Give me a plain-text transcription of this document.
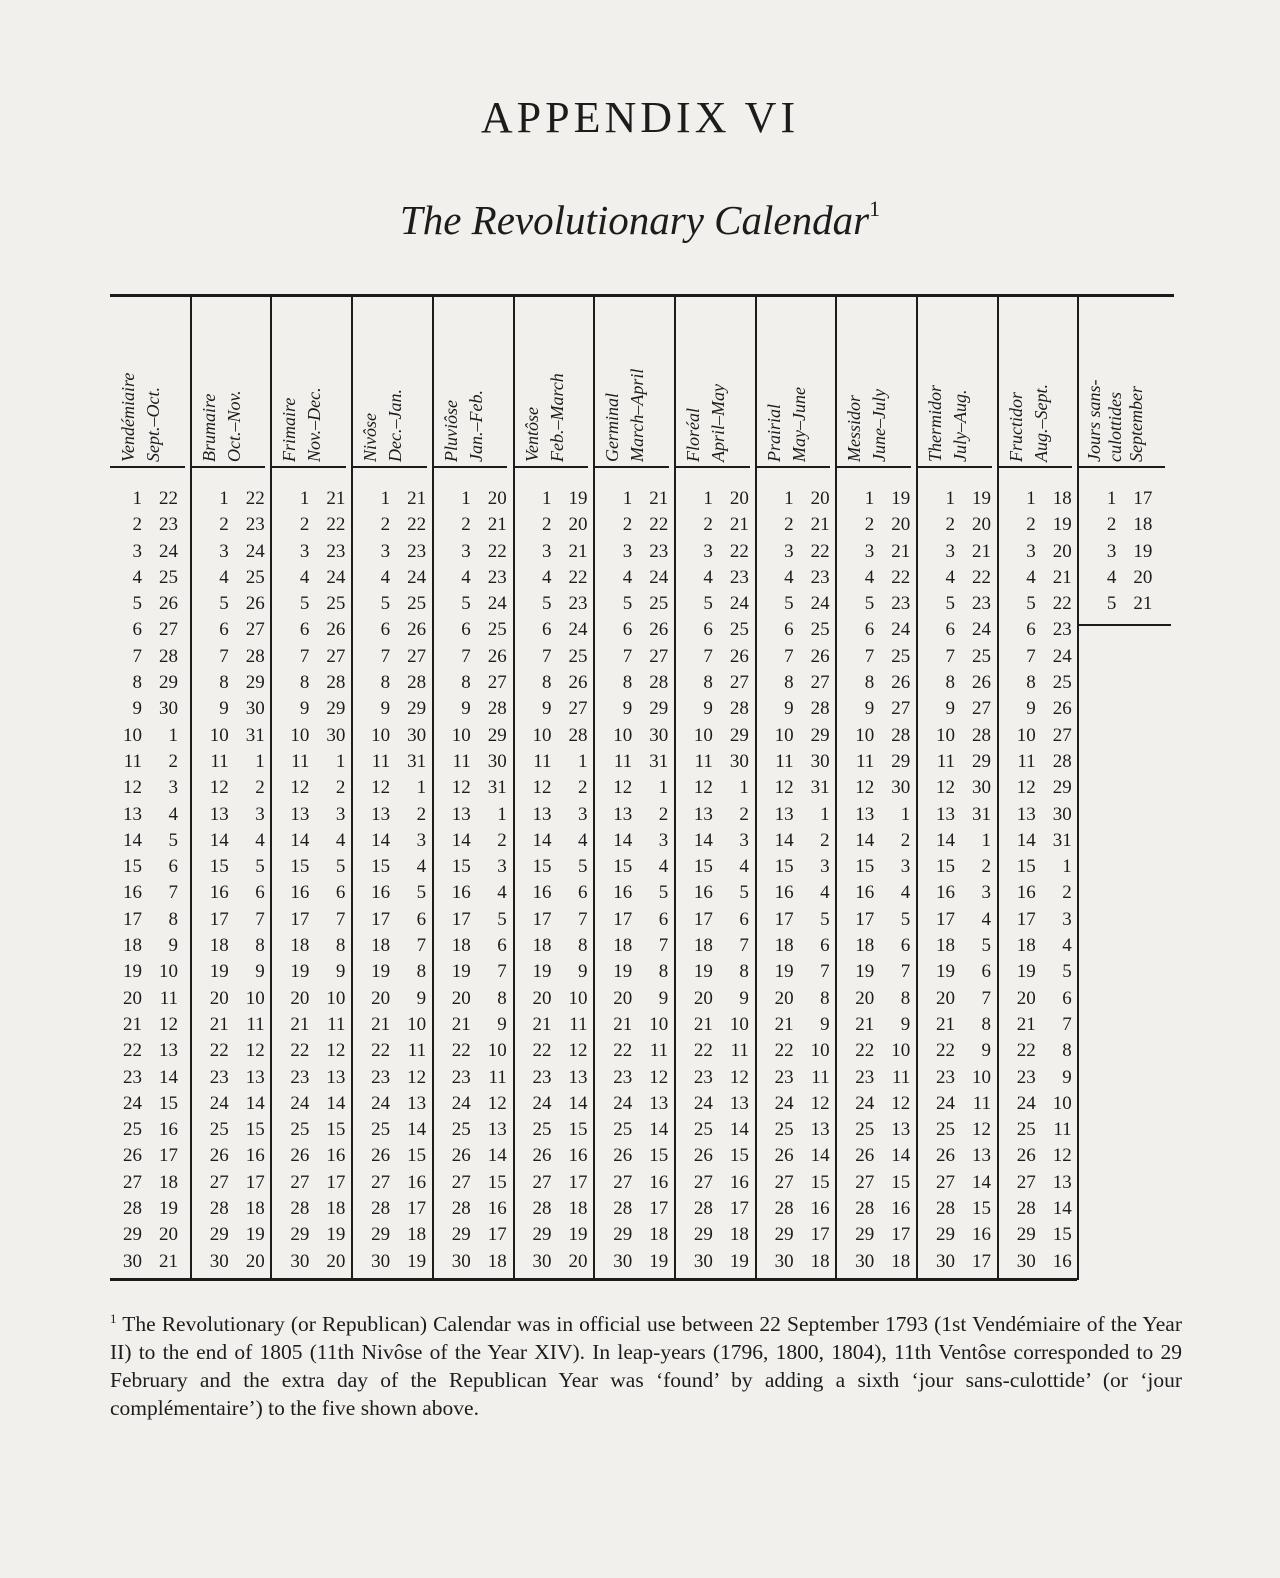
APPENDIX VI
The Revolutionary Calendar$^1$
Vendémiaire Sept.–Oct.
1 22
2 23
3 24
4 25
5 26
6 27
7 28
8 29
9 30
10	1
11	2
12	3
13	4
14	5
15	6
16	7
17	8
18	9
19 10
20 11
21 12
22 13
23 14
24 15
25 16
26 17
27 18
28 19
29 20
30 21
Brumaire Oct.–Nov.
1 22
2 23
3 24
4 25
5 26
6 27
7 28
8 29
9 30
10 31
11	1
12	2
13	3
14	4
15	5
16	6
17	7
18	8
19	9
20 10
21 11
22 12
23 13
24 14
25 15
26 16
27 17
28 18
29 19
30 20
Frimaire Nov.–Dec.
1 21
2 22
3 23
4 24
5 25
6 26
7 27
8 28
9 29
10 30
11	1
12	2
13	3
14	4
15	5
16	6
17	7
18	8
19	9
20 10
21 11
22 12
23 13
24 14
25 15
26 16
27 17
28 18
29 19
30 20
Nivôse Dec.–Jan.
1 21
2 22
3 23
4 24
5 25
6 26
7 27
8 28
9 29
10 30
11 31
12	1
13	2
14	3
15	4
16	5
17	6
18	7
19	8
20	9
21 10
22 11
23 12
24 13
25 14
26 15
27 16
28 17
29 18
30 19
Pluviôse Jan.–Feb.
1 20
2 21
3 22
4 23
5 24
6 25
7 26
8 27
9 28
10 29
11 30
12 31
13	1
14	2
15	3
16	4
17	5
18	6
19	7
20	8
21	9
22 10
23 11
24 12
25 13
26 14
27 15
28 16
29 17
30 18
Ventôse Feb.–March
1 19
2 20
3 21
4 22
5 23
6 24
7 25
8 26
9 27
10 28
11	1
12	2
13	3
14	4
15	5
16	6
17	7
18	8
19	9
20 10
21 11
22 12
23 13
24 14
25 15
26 16
27 17
28 18
29 19
30 20
Germinal March–April
1 21
2 22
3 23
4 24
5 25
6 26
7 27
8 28
9 29
10 30
11 31
12	1
13	2
14	3
15	4
16	5
17	6
18	7
19	8
20	9
21 10
22 11
23 12
24 13
25 14
26 15
27 16
28 17
29 18
30 19
Floréal April–May
1 20
2 21
3 22
4 23
5 24
6 25
7 26
8 27
9 28
10 29
11 30
12	1
13	2
14	3
15	4
16	5
17	6
18	7
19	8
20	9
21 10
22 11
23 12
24 13
25 14
26 15
27 16
28 17
29 18
30 19
Prairial May–June
1 20
2 21
3 22
4 23
5 24
6 25
7 26
8 27
9 28
10 29
11 30
12 31
13	1
14	2
15	3
16	4
17	5
18	6
19	7
20	8
21	9
22 10
23 11
24 12
25 13
26 14
27 15
28 16
29 17
30 18
Messidor June–July
1 19
2 20
3 21
4 22
5 23
6 24
7 25
8 26
9 27
10 28
11 29
12 30
13	1
14	2
15	3
16	4
17	5
18	6
19	7
20	8
21	9
22 10
23 11
24 12
25 13
26 14
27 15
28 16
29 17
30 18
Thermidor July–Aug.
1 19
2 20
3 21
4 22
5 23
6 24
7 25
8 26
9 27
10 28
11 29
12 30
13 31
14	1
15	2
16	3
17	4
18	5
19	6
20	7
21	8
22	9
23 10
24 11
25 12
26 13
27 14
28 15
29 16
30 17
Fructidor Aug.–Sept.
1 18
2 19
3 20
4 21
5 22
6 23
7 24
8 25
9 26
10 27
11 28
12 29
13 30
14 31
15	1
16	2
17	3
18	4
19	5
20	6
21	7
22	8
23	9
24 10
25 11
26 12
27 13
28 14
29 15
30 16
Jours sans- culottides September
1 17
2 18
3 19
4 20
5 21

$^1$ The Revolutionary (or Republican) Calendar was in official use between 22 September 1793 (1st Vendémiaire of the Year II) to the end of 1805 (11th Nivôse of the Year XIV). In leap-years (1796, 1800, 1804), 11th Ventôse corresponded to 29 February and the extra day of the Republican Year was ‘found’ by adding a sixth ‘jour sans-culottide’ (or ‘jour complémentaire’) to the five shown above.
